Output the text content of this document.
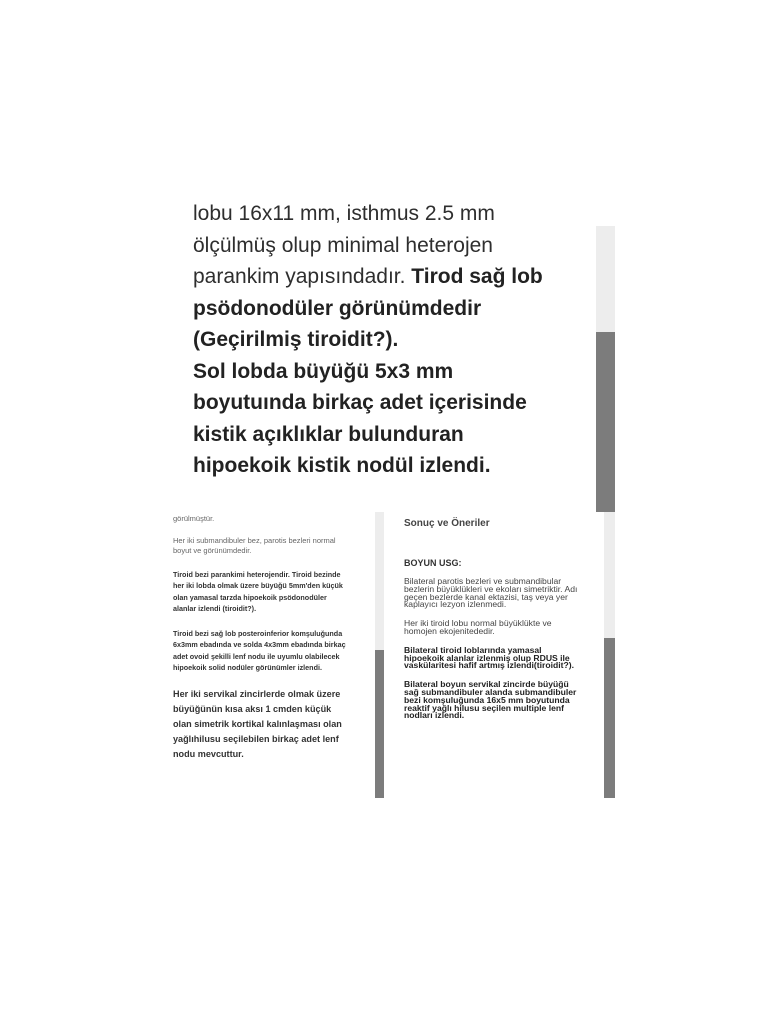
lobu 16x11 mm, isthmus 2.5 mm
ölçülmüş olup minimal heterojen
parankim yapısındadır. Tirod sağ lob
psödonodüler görünümdedir
(Geçirilmiş tiroidit?).
Sol lobda büyüğü 5x3 mm
boyutuında birkaç adet içerisinde
kistik açıklıklar bulunduran
hipoekoik kistik nodül izlendi.

görülmüştür.

Her iki submandibuler bez, parotis bezleri normal boyut ve görünümdedir.

Tiroid bezi parankimi heterojendir. Tiroid bezinde her iki lobda olmak üzere büyüğü 5mm'den küçük olan yamasal tarzda hipoekoik psödonodüler alanlar izlendi (tiroidit?).

Tiroid bezi sağ lob posteroinferior komşuluğunda 6x3mm ebadında ve solda 4x3mm ebadında birkaç adet ovoid şekilli lenf nodu ile uyumlu olabilecek hipoekoik solid nodüler görünümler izlendi.

Her iki servikal zincirlerde olmak üzere büyüğünün kısa aksı 1 cmden küçük olan simetrik kortikal kalınlaşması olan yağlıhilusu seçilebilen birkaç adet lenf nodu mevcuttur.

Sonuç ve Öneriler

BOYUN USG:

Bilateral parotis bezleri ve submandibular bezlerin büyüklükleri ve ekoları simetriktir. Adı geçen bezlerde kanal ektazisi, taş veya yer kaplayıcı lezyon izlenmedi.

Her iki tiroid lobu normal büyüklükte ve homojen ekojenitededir.

Bilateral tiroid loblarında yamasal hipoekoik alanlar izlenmiş olup RDUS ile vaskülaritesi hafif artmış izlendi(tiroidit?).

Bilateral boyun servikal zincirde büyüğü sağ submandibuler alanda submandibuler bezi komşuluğunda 16x5 mm boyutunda reaktif yağlı hilusu seçilen multiple lenf nodları izlendi.
